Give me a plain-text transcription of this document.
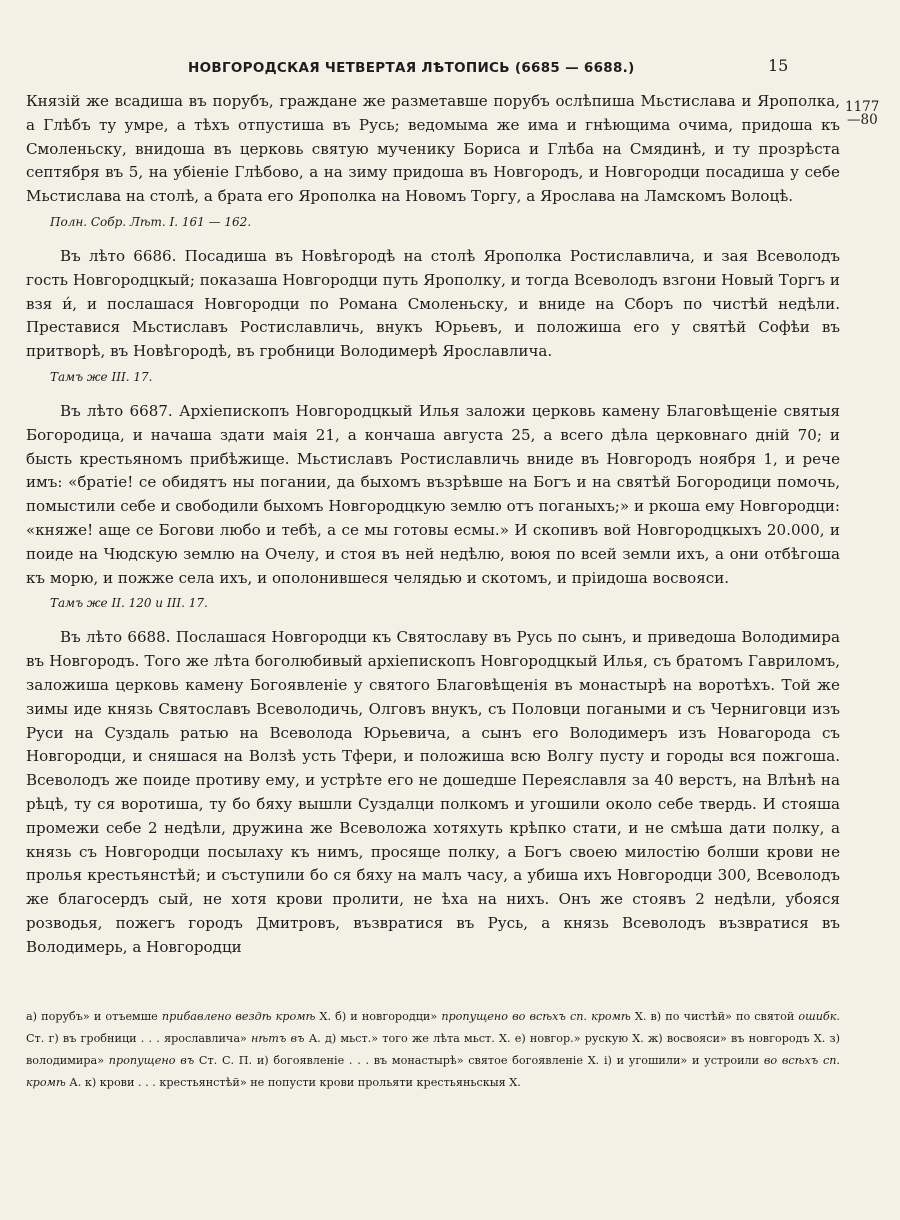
НОВГОРОДСКАЯ ЧЕТВЕРТАЯ ЛѢТОПИСЬ (6685 — 6688.)	15
1177
—80

Князій же всадиша въ порубъ, граждане же разметавше порубъ ослѣпиша Мьстислава и Ярополка, а Глѣбъ ту умре, а тѣхъ отпустиша въ Русь; ведомыма же има и гнѣющима очима, придоша къ Смоленьску, внидоша въ церковь святую мученику Бориса и Глѣба на Смядинѣ, и ту прозрѣста септября въ 5, на убіеніе Глѣбово, а на зиму придоша въ Новгородъ, и Новгородци посадиша у себе Мьстислава на столѣ, а брата его Ярополка на Новомъ Торгу, а Ярослава на Ламскомъ Волоцѣ.

Полн. Собр. Лѣт. I. 161 — 162.

Въ лѣто 6686. Посадиша въ Новѣгородѣ на столѣ Ярополка Ростиславлича, и зая Всеволодъ гость Новгородцкый; показаша Новгородци путь Ярополку, и тогда Всеволодъ взгони Новый Торгъ и взя и́, и послашася Новгородци по Романа Смоленьску, и вниде на Сборъ по чистѣй недѣли. Преставися Мьстиславъ Ростиславличь, внукъ Юрьевъ, и положиша его у святѣй Софѣи въ притворѣ, въ Новѣгородѣ, въ гробници Володимерѣ Ярославлича.

Тамъ же III. 17.

Въ лѣто 6687. Архіепископъ Новгородцкый Илья заложи церковь камену Благовѣщеніе святыя Богородица, и начаша здати маія 21, а кончаша августа 25, а всего дѣла церковнаго дній 70; и бысть крестьяномъ прибѣжище. Мьстиславъ Ростиславличь вниде въ Новгородъ ноября 1, и рече имъ: «братіе! се обидятъ ны погании, да быхомъ възрѣвше на Богъ и на святѣй Богородици помочь, помыстили себе и свободили быхомъ Новгородцкую землю отъ поганыхъ;» и ркоша ему Новгородци: «княже! аще се Богови любо и тебѣ, а се мы готовы есмы.» И скопивъ вой Новгородцкыхъ 20.000, и поиде на Чюдскую землю на Очелу, и стоя въ ней недѣлю, воюя по всей земли ихъ, а они отбѣгоша къ морю, и пожже села ихъ, и ополонившеся челядью и скотомъ, и пріидоша восвояси.

Тамъ же II. 120 и III. 17.

Въ лѣто 6688. Послашася Новгородци къ Святославу въ Русь по сынъ, и приведоша Володимира въ Новгородъ. Того же лѣта боголюбивый архіепископъ Новгородцкый Илья, съ братомъ Гавриломъ, заложиша церковь камену Богоявленіе у святого Благовѣщенія въ монастырѣ на воротѣхъ. Той же зимы иде князь Святославъ Всеволодичь, Олговъ внукъ, съ Половци погаными и съ Черниговци изъ Руси на Суздаль ратью на Всеволода Юрьевича, а сынъ его Володимеръ изъ Новагорода съ Новгородци, и сняшася на Волзѣ усть Тфери, и положиша всю Волгу пусту и городы вся пожгоша. Всеволодъ же поиде противу ему, и устрѣте его не дошедше Переяславля за 40 верстъ, на Влѣнѣ на рѣцѣ, ту ся воротиша, ту бо бяху вышли Суздалци полкомъ и угошили около себе твердь. И стояша промежи себе 2 недѣли, дружина же Всеволожа хотяхуть крѣпко стати, и не смѣша дати полку, а князь съ Новгородци посылаху къ нимъ, просяще полку, а Богъ своею милостію болши крови не пролья крестьянстѣй; и съступили бо ся бяху на малъ часу, а убиша ихъ Новгородци 300, Всеволодъ же благосердъ сый, не хотя крови пролити, не ѣха на нихъ. Онъ же стоявъ 2 недѣли, убояся розводья, пожегъ городъ Дмитровъ, възвратися въ Русь, а князь Всеволодъ възвратися въ Володимерь, а Новгородци

а) порубъ» и отъемше прибавлено вездѣ кромѣ Х. б) и новгородци» пропущено во всѣхъ сп. кромѣ Х. в) по чистѣй» по святой ошибк. Ст. г) въ гробници . . . ярославлича» нѣтъ въ А. д) мьст.» того же лѣта мьст. Х. е) новгор.» рускую Х. ж) восвояси» въ новгородъ Х. з) володимира» пропущено въ Ст. С. П. и) богоявленіе . . . въ монастырѣ» святое богоявленіе Х. і) и угошили» и устроили во всѣхъ сп. кромѣ А. к) крови . . . крестьянстѣй» не попусти крови прольяти крестьяньскыя Х.
